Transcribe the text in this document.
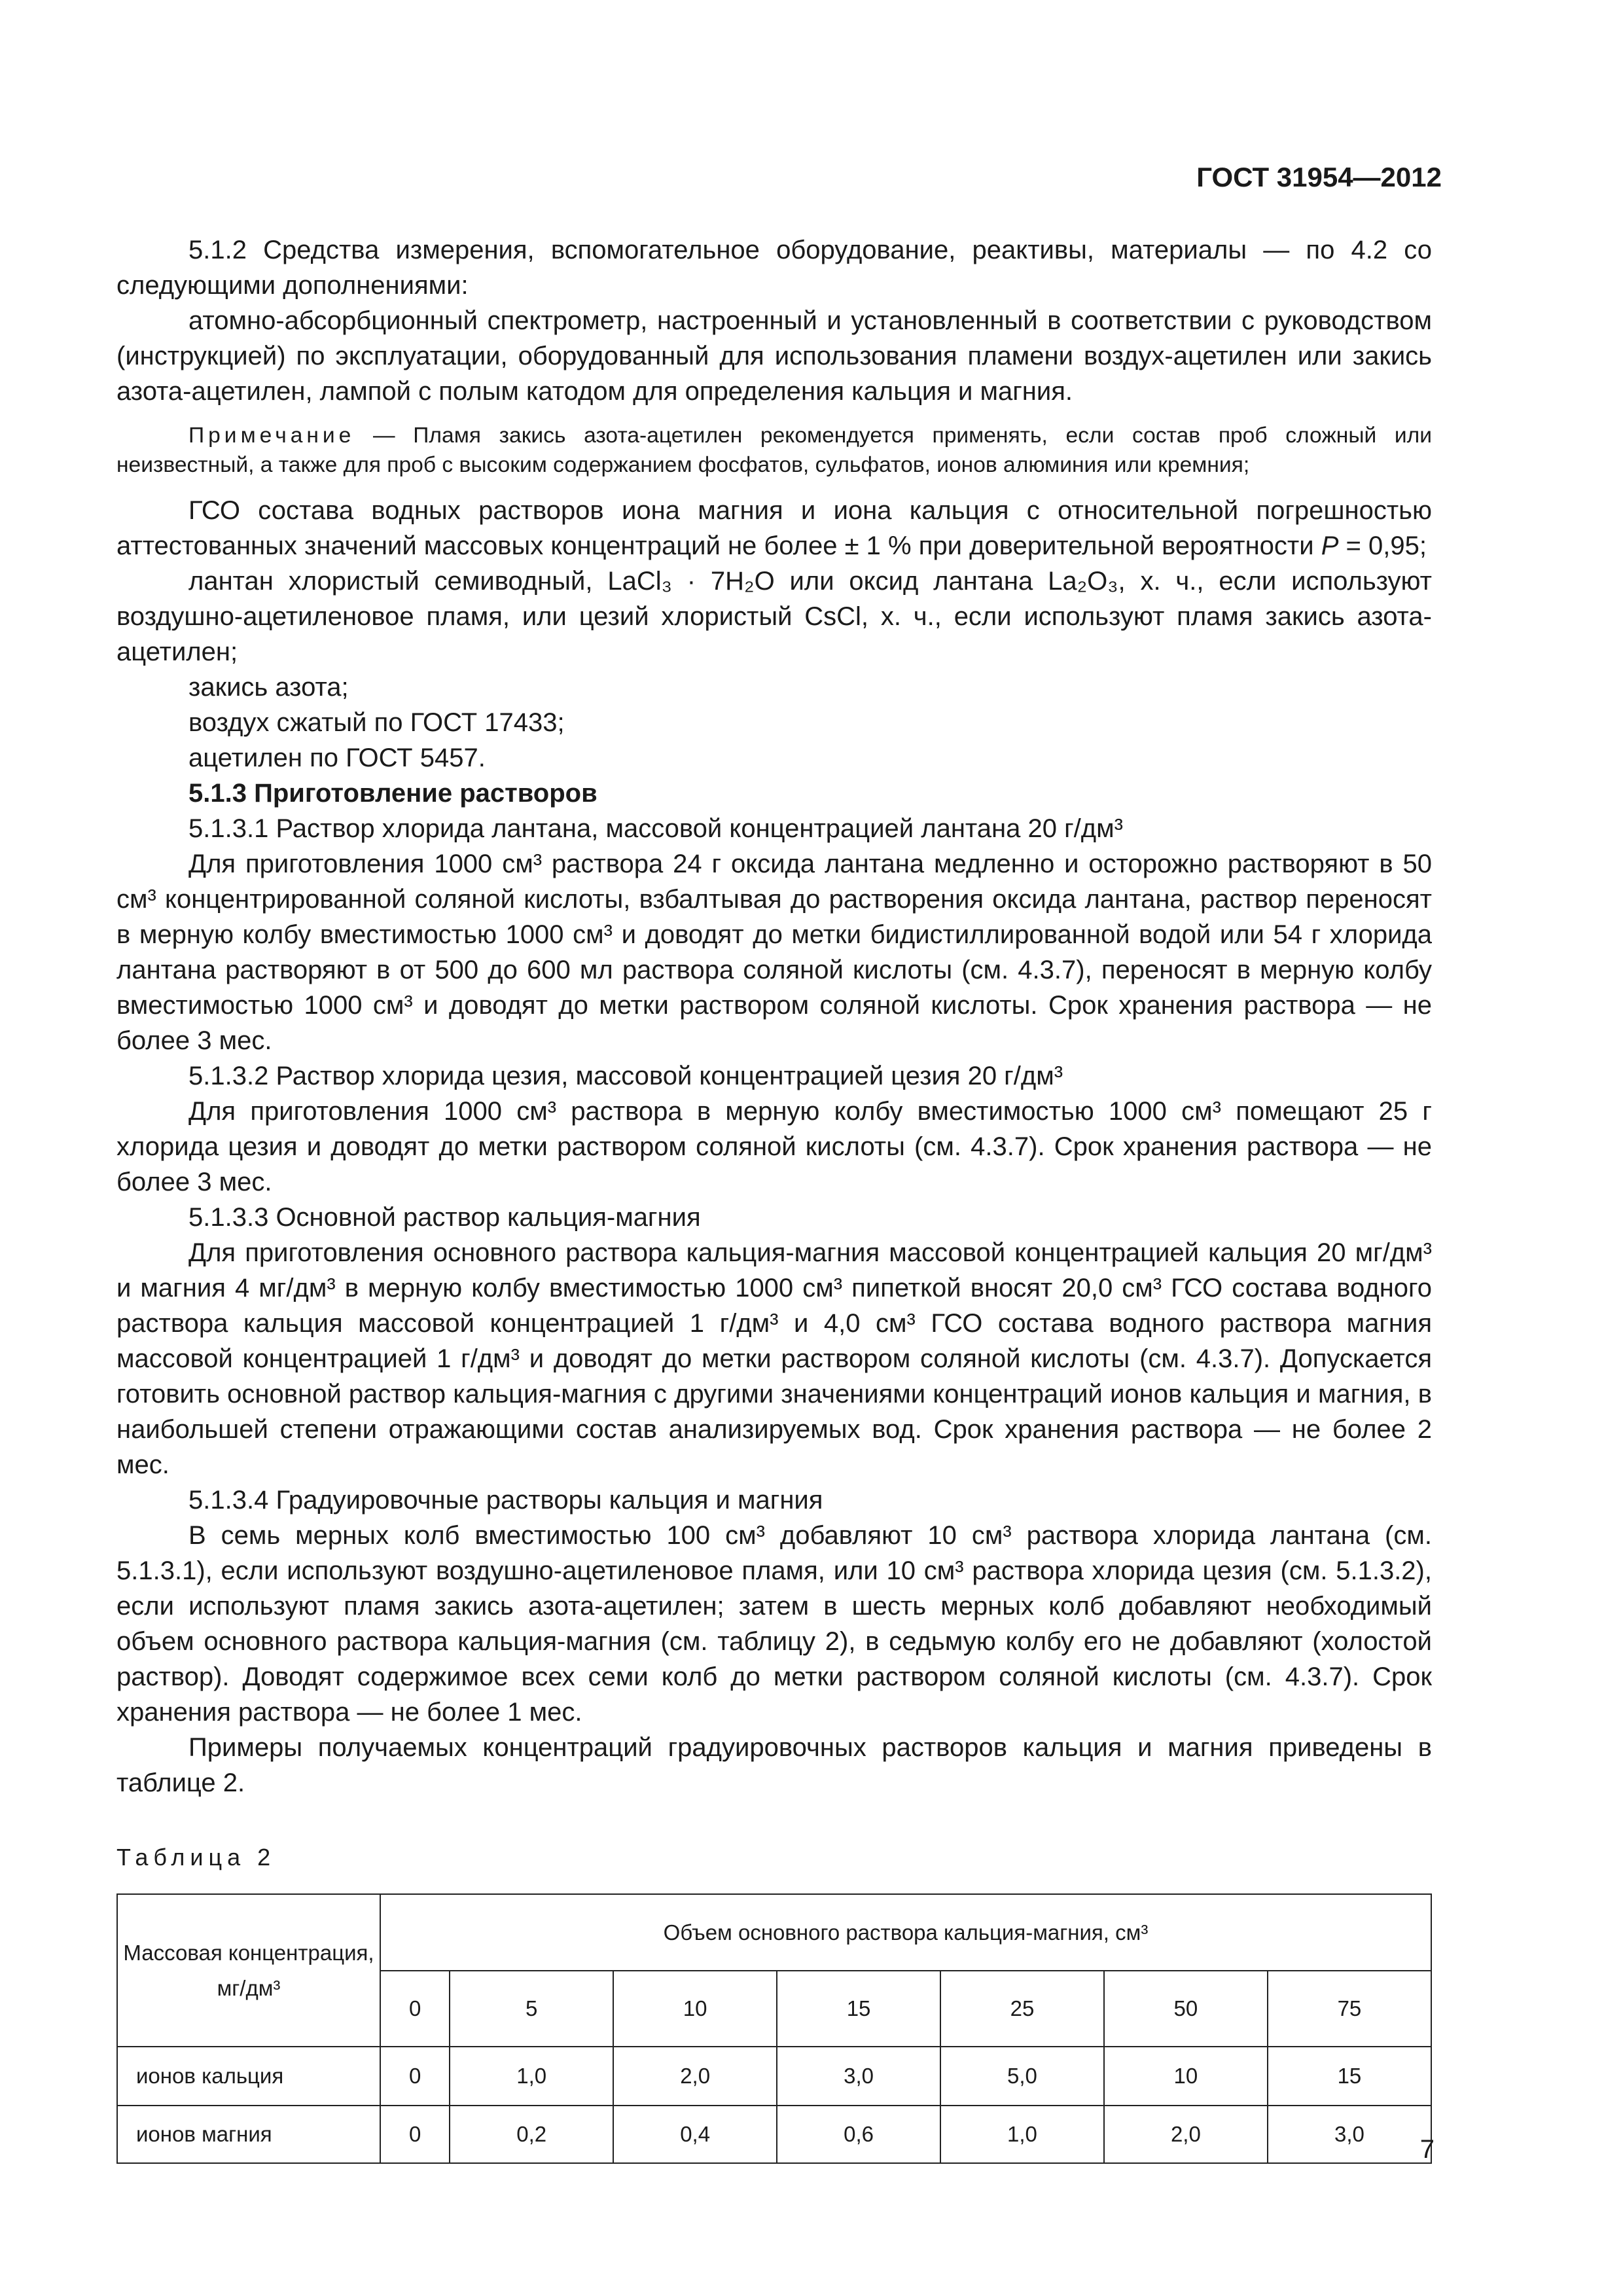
ГОСТ 31954—2012

5.1.2 Средства измерения, вспомогательное оборудование, реактивы, материалы — по 4.2 со следующими дополнениями:

атомно-абсорбционный спектрометр, настроенный и установленный в соответствии с руководством (инструкцией) по эксплуатации, оборудованный для использования пламени воздух-ацетилен или закись азота-ацетилен, лампой с полым катодом для определения кальция и магния.

Примечание — Пламя закись азота-ацетилен рекомендуется применять, если состав проб сложный или неизвестный, а также для проб с высоким содержанием фосфатов, сульфатов, ионов алюминия или кремния;

ГСО состава водных растворов иона магния и иона кальция с относительной погрешностью аттестованных значений массовых концентраций не более ± 1 % при доверительной вероятности P = 0,95;

лантан хлористый семиводный, LaCl₃ · 7H₂O или оксид лантана La₂O₃, х. ч., если используют воздушно-ацетиленовое пламя, или цезий хлористый CsCl, х. ч., если используют пламя закись азота-ацетилен;

закись азота;

воздух сжатый по ГОСТ 17433;

ацетилен по ГОСТ 5457.

5.1.3 Приготовление растворов

5.1.3.1 Раствор хлорида лантана, массовой концентрацией лантана 20 г/дм³

Для приготовления 1000 см³ раствора 24 г оксида лантана медленно и осторожно растворяют в 50 см³ концентрированной соляной кислоты, взбалтывая до растворения оксида лантана, раствор переносят в мерную колбу вместимостью 1000 см³ и доводят до метки бидистиллированной водой или 54 г хлорида лантана растворяют в от 500 до 600 мл раствора соляной кислоты (см. 4.3.7), переносят в мерную колбу вместимостью 1000 см³ и доводят до метки раствором соляной кислоты. Срок хранения раствора — не более 3 мес.

5.1.3.2 Раствор хлорида цезия, массовой концентрацией цезия 20 г/дм³

Для приготовления 1000 см³ раствора в мерную колбу вместимостью 1000 см³ помещают 25 г хлорида цезия и доводят до метки раствором соляной кислоты (см. 4.3.7). Срок хранения раствора — не более 3 мес.

5.1.3.3 Основной раствор кальция-магния

Для приготовления основного раствора кальция-магния массовой концентрацией кальция 20 мг/дм³ и магния 4 мг/дм³ в мерную колбу вместимостью 1000 см³ пипеткой вносят 20,0 см³ ГСО состава водного раствора кальция массовой концентрацией 1 г/дм³ и 4,0 см³ ГСО состава водного раствора магния массовой концентрацией 1 г/дм³ и доводят до метки раствором соляной кислоты (см. 4.3.7). Допускается готовить основной раствор кальция-магния с другими значениями концентраций ионов кальция и магния, в наибольшей степени отражающими состав анализируемых вод. Срок хранения раствора — не более 2 мес.

5.1.3.4 Градуировочные растворы кальция и магния

В семь мерных колб вместимостью 100 см³ добавляют 10 см³ раствора хлорида лантана (см. 5.1.3.1), если используют воздушно-ацетиленовое пламя, или 10 см³ раствора хлорида цезия (см. 5.1.3.2), если используют пламя закись азота-ацетилен; затем в шесть мерных колб добавляют необходимый объем основного раствора кальция-магния (см. таблицу 2), в седьмую колбу его не добавляют (холостой раствор). Доводят содержимое всех семи колб до метки раствором соляной кислоты (см. 4.3.7). Срок хранения раствора — не более 1 мес.

Примеры получаемых концентраций градуировочных растворов кальция и магния приведены в таблице 2.

Таблица 2

Массовая концентрация, мг/дм³	Объем основного раствора кальция-магния, см³						
	0	5	10	15	25	50	75
ионов кальция	0	1,0	2,0	3,0	5,0	10	15
ионов магния	0	0,2	0,4	0,6	1,0	2,0	3,0
7
